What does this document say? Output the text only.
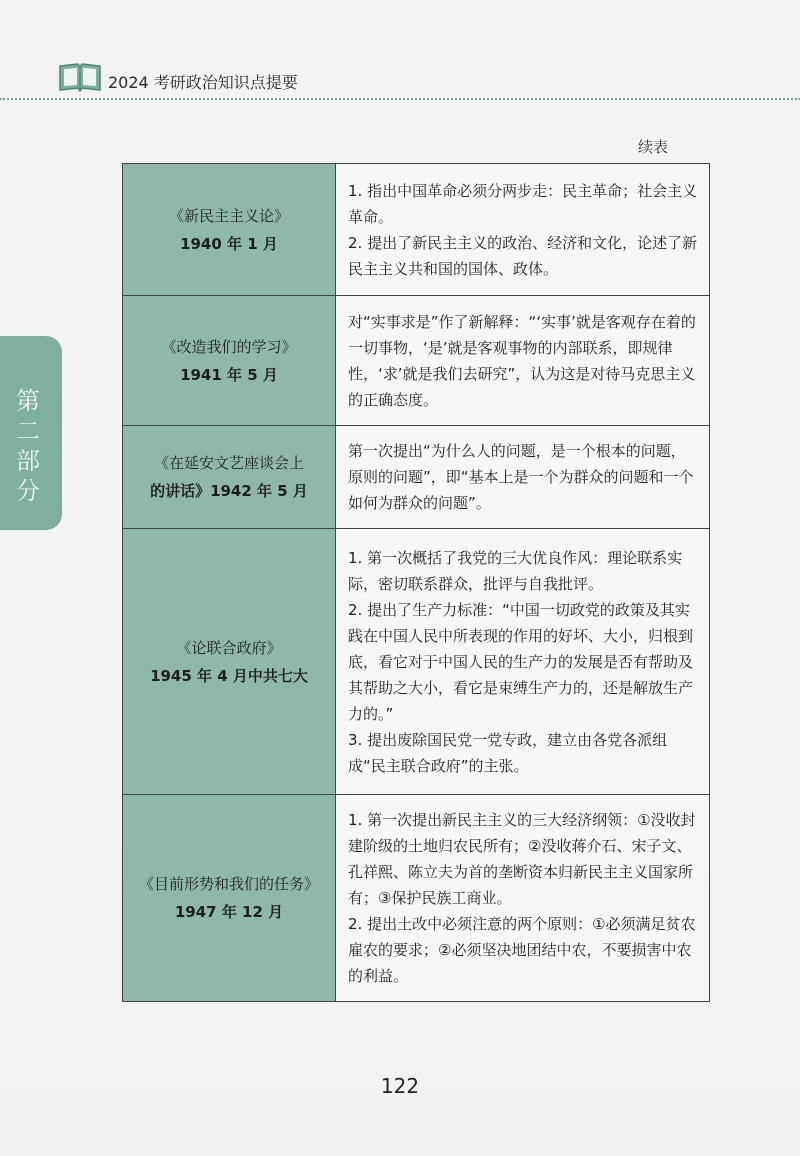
2024 考研政治知识点提要
续表
第二部分
《新民主主义论》
1940 年 1 月	1. 指出中国革命必须分两步走：民主革命；社会主义革命。
2. 提出了新民主主义的政治、经济和文化，论述了新民主主义共和国的国体、政体。

《改造我们的学习》
1941 年 5 月	对“实事求是”作了新解释：“‘实事’就是客观存在着的一切事物，‘是’就是客观事物的内部联系，即规律性，‘求’就是我们去研究”，认为这是对待马克思主义的正确态度。

《在延安文艺座谈会上
的讲话》1942 年 5 月	第一次提出“为什么人的问题，是一个根本的问题，原则的问题”，即“基本上是一个为群众的问题和一个如何为群众的问题”。

《论联合政府》
1945 年 4 月中共七大	1. 第一次概括了我党的三大优良作风：理论联系实际，密切联系群众，批评与自我批评。
2. 提出了生产力标准：“中国一切政党的政策及其实践在中国人民中所表现的作用的好坏、大小，归根到底，看它对于中国人民的生产力的发展是否有帮助及其帮助之大小，看它是束缚生产力的，还是解放生产力的。”
3. 提出废除国民党一党专政，建立由各党各派组成“民主联合政府”的主张。

《目前形势和我们的任务》
1947 年 12 月	1. 第一次提出新民主主义的三大经济纲领：①没收封建阶级的土地归农民所有；②没收蒋介石、宋子文、孔祥熙、陈立夫为首的垄断资本归新民主主义国家所有；③保护民族工商业。
2. 提出土改中必须注意的两个原则：①必须满足贫农雇农的要求；②必须坚决地团结中农，不要损害中农的利益。
122
